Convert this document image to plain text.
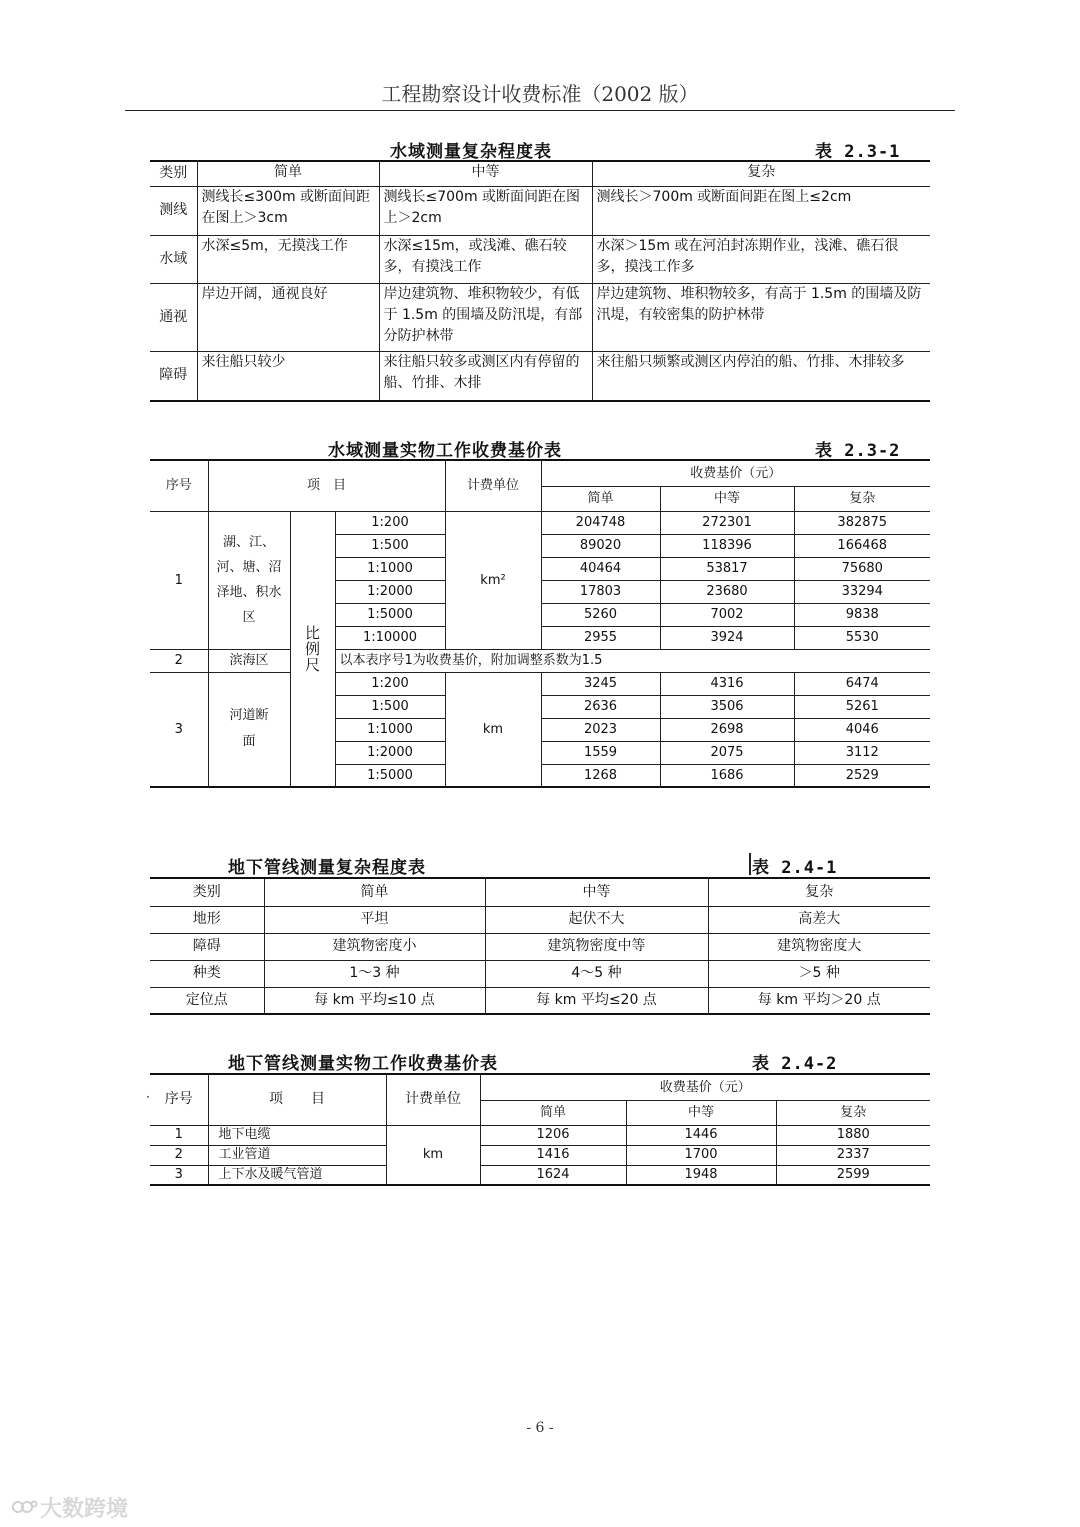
工程勘察设计收费标准（2002 版）
水域测量复杂程度表	表 2.3-1
类别	简单	中等	复杂
测线	测线长≤300m 或断面间距在图上＞3cm	测线长≤700m 或断面间距在图上＞2cm	测线长＞700m 或断面间距在图上≤2cm
水域	水深≤5m，无摸浅工作	水深≤15m，或浅滩、礁石较多，有摸浅工作	水深＞15m 或在河泊封冻期作业，浅滩、礁石很多，摸浅工作多
通视	岸边开阔，通视良好	岸边建筑物、堆积物较少，有低于 1.5m 的围墙及防汛堤，有部分防护林带	岸边建筑物、堆积物较多，有高于 1.5m 的围墙及防汛堤，有较密集的防护林带
障碍	来往船只较少	来往船只较多或测区内有停留的船、竹排、木排	来往船只频繁或测区内停泊的船、竹排、木排较多
水域测量实物工作收费基价表	表 2.3-2
序号	项　目			计费单位	收费基价（元）		
					简单	中等	复杂
1	湖、江、河、塘、沼泽地、积水区	比例尺	1:200	km²	204748	272301	382875
			1:500		89020	118396	166468
			1:1000		40464	53817	75680
			1:2000		17803	23680	33294
			1:5000		5260	7002	9838
			1:10000		2955	3924	5530
2	滨海区		以本表序号1为收费基价，附加调整系数为1.5				
3	河道断面		1:200	km	3245	4316	6474
			1:500		2636	3506	5261
			1:1000		2023	2698	4046
			1:2000		1559	2075	3112
			1:5000		1268	1686	2529
地下管线测量复杂程度表	表 2.4-1
类别	简单	中等	复杂
地形	平坦	起伏不大	高差大
障碍	建筑物密度小	建筑物密度中等	建筑物密度大
种类	1～3 种	4～5 种	＞5 种
定位点	每 km 平均≤10 点	每 km 平均≤20 点	每 km 平均＞20 点
地下管线测量实物工作收费基价表	表 2.4-2
· 序号	项　　目	计费单位	收费基价（元）		
			简单	中等	复杂
1	地下电缆	km	1206	1446	1880
2	工业管道		1416	1700	2337
3	上下水及暖气管道		1624	1948	2599
- 6 -
大数跨境
